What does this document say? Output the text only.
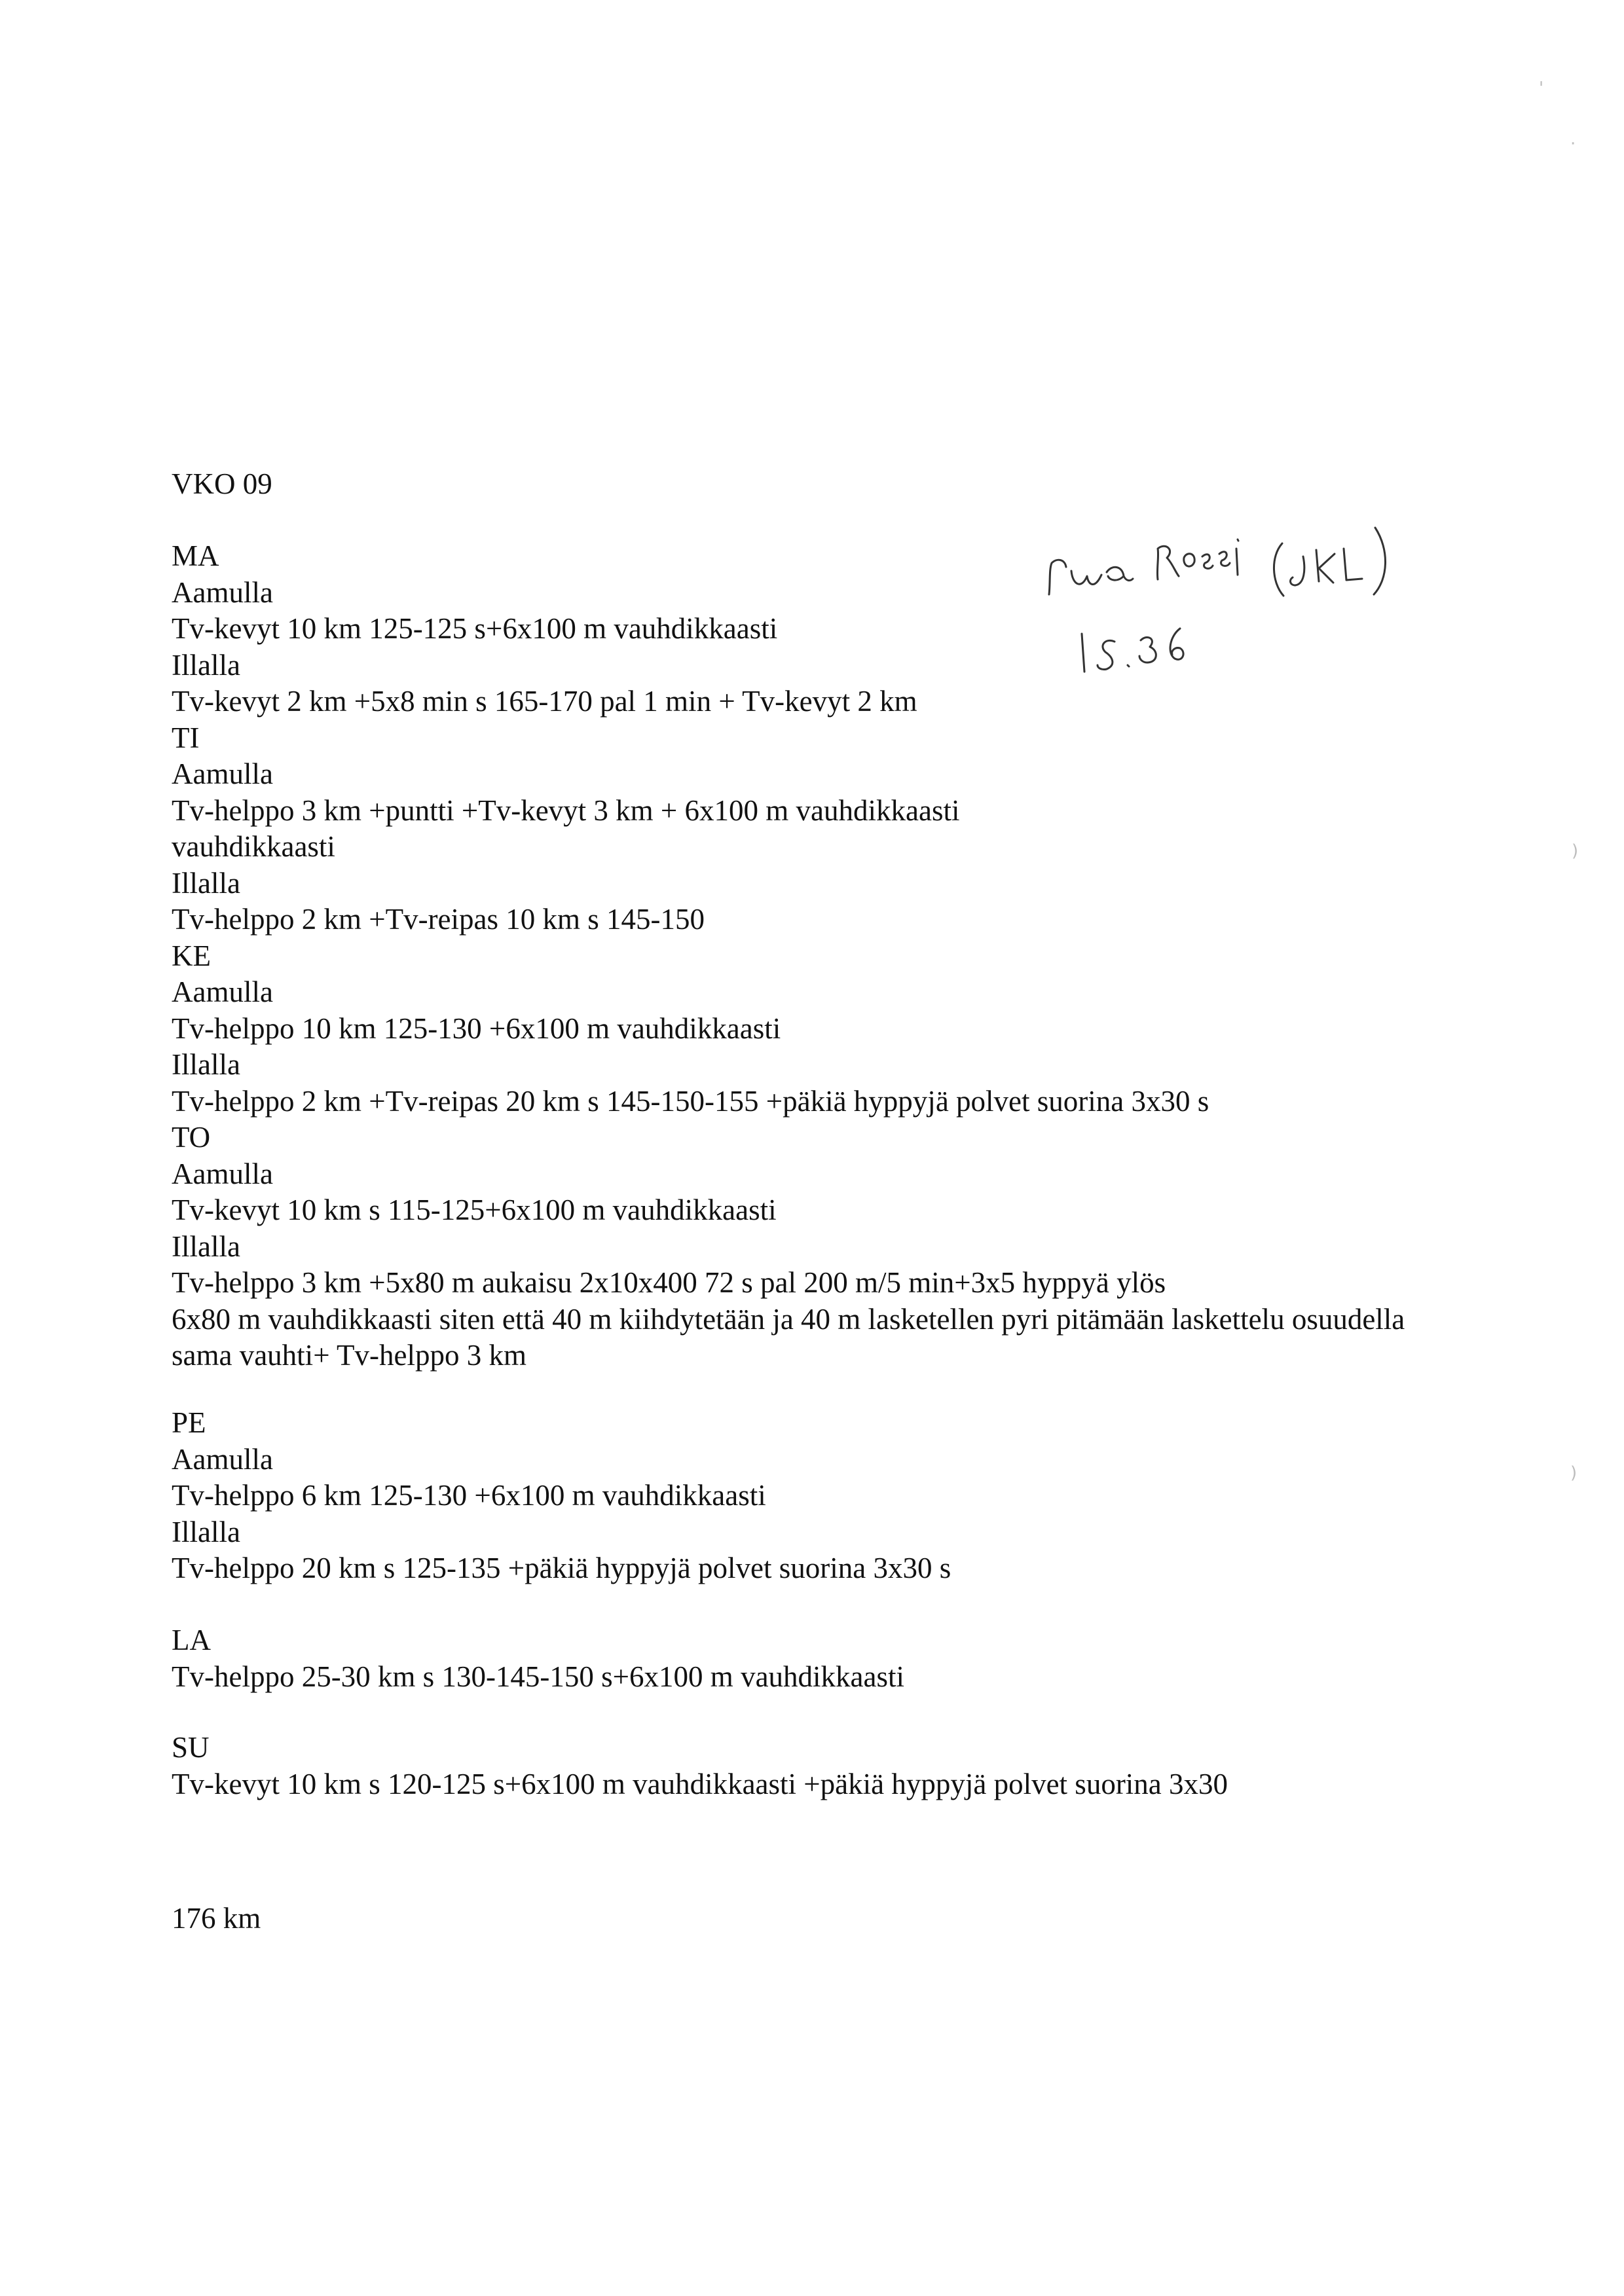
VKO 09
MA
Aamulla
Tv-kevyt 10 km 125-125 s+6x100 m vauhdikkaasti
Illalla
Tv-kevyt 2 km +5x8 min s 165-170 pal 1 min + Tv-kevyt 2 km
TI
Aamulla
Tv-helppo 3 km +puntti +Tv-kevyt 3 km + 6x100 m vauhdikkaasti
vauhdikkaasti
Illalla
Tv-helppo 2 km +Tv-reipas 10 km s 145-150
KE
Aamulla
Tv-helppo 10 km 125-130 +6x100 m vauhdikkaasti
Illalla
Tv-helppo 2 km +Tv-reipas 20 km s 145-150-155 +päkiä hyppyjä polvet suorina 3x30 s
TO
Aamulla
Tv-kevyt 10 km s 115-125+6x100 m vauhdikkaasti
Illalla
Tv-helppo 3 km +5x80 m aukaisu 2x10x400 72 s pal 200 m/5 min+3x5 hyppyä ylös
6x80 m vauhdikkaasti siten että 40 m kiihdytetään ja 40 m lasketellen pyri pitämään laskettelu osuudella
sama vauhti+ Tv-helppo 3 km
PE
Aamulla
Tv-helppo 6 km 125-130 +6x100 m vauhdikkaasti
Illalla
Tv-helppo 20 km s 125-135 +päkiä hyppyjä polvet suorina 3x30 s
LA
Tv-helppo 25-30 km s 130-145-150 s+6x100 m vauhdikkaasti
SU
Tv-kevyt 10 km s 120-125 s+6x100 m vauhdikkaasti +päkiä hyppyjä polvet suorina 3x30
176 km
'
·
)
)
